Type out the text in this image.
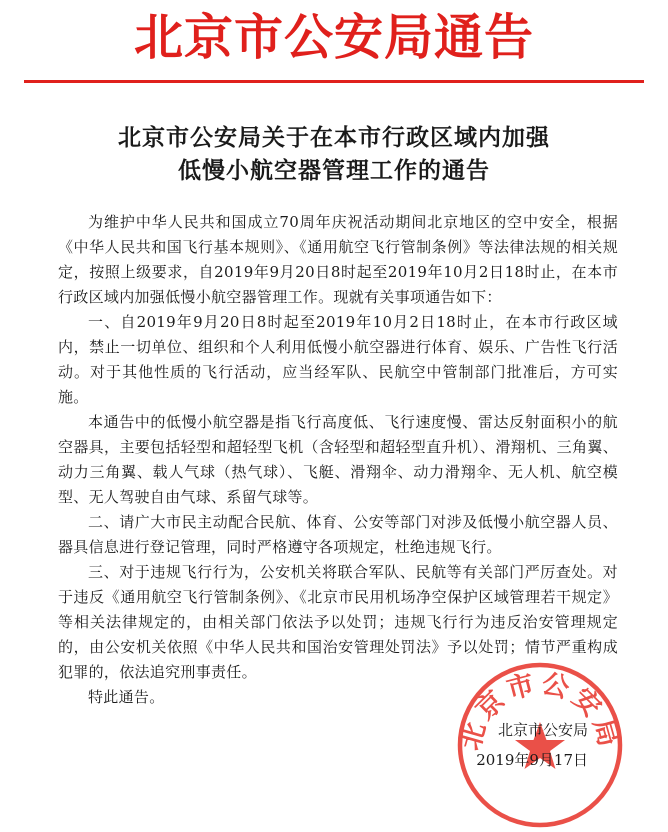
北京市公安局通告
北京市公安局关于在本市行政区域内加强
低慢小航空器管理工作的通告

为维护中华人民共和国成立70周年庆祝活动期间北京地区的空中安全，根据《中华人民共和国飞行基本规则》、《通用航空飞行管制条例》等法律法规的相关规定，按照上级要求，自2019年9月20日8时起至2019年10月2日18时止，在本市行政区域内加强低慢小航空器管理工作。现就有关事项通告如下：

一、自2019年9月20日8时起至2019年10月2日18时止，在本市行政区域内，禁止一切单位、组织和个人利用低慢小航空器进行体育、娱乐、广告性飞行活动。对于其他性质的飞行活动，应当经军队、民航空中管制部门批准后，方可实施。

本通告中的低慢小航空器是指飞行高度低、飞行速度慢、雷达反射面积小的航空器具，主要包括轻型和超轻型飞机（含轻型和超轻型直升机）、滑翔机、三角翼、动力三角翼、载人气球（热气球）、飞艇、滑翔伞、动力滑翔伞、无人机、航空模型、无人驾驶自由气球、系留气球等。

二、请广大市民主动配合民航、体育、公安等部门对涉及低慢小航空器人员、器具信息进行登记管理，同时严格遵守各项规定，杜绝违规飞行。

三、对于违规飞行行为，公安机关将联合军队、民航等有关部门严厉查处。对于违反《通用航空飞行管制条例》、《北京市民用机场净空保护区域管理若干规定》等相关法律规定的，由相关部门依法予以处罚；违规飞行行为违反治安管理规定的，由公安机关依照《中华人民共和国治安管理处罚法》予以处罚；情节严重构成犯罪的，依法追究刑事责任。

特此通告。

北京市公安局
北京市公安局
2019年9月17日
